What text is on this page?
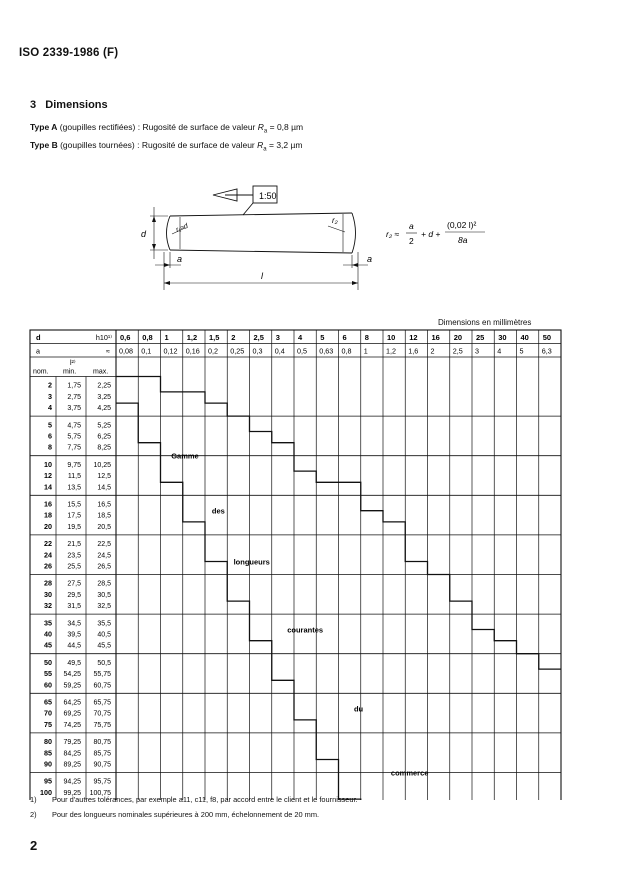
ISO 2339-1986 (F)
3 Dimensions
Type A (goupilles rectifiées) : Rugosité de surface de valeur $R_a = 0,8$ µm
Type B (goupilles tournées) : Rugosité de surface de valeur $R_a = 3,2$ µm
1:50
d
r₁≈d
r₂
a	a
l
r₂ ≈
a
2
+ d +
(0,02 l)²
8a
Dimensions en millimètres
d	h10¹⁾ 0,6 0,8 1 1,2 1,5 2 2,5 3 4 5 6 8 10 12 16 20 25 30 40 50
a	≈ 0,08 0,1 0,12 0,16 0,2 0,25 0,3 0,4 0,5 0,63 0,8 1	1,2 1,6 2	2,5 3	4	5	6,3
l²⁾
nom. min. max.
2 1,75 2,25
3 2,75 3,25
4 3,75 4,25
5 4,75 5,25
6 5,75 6,25
8 7,75 8,25
10 9,75 10,25
12 11,5 12,5
14 13,5 14,5
16 15,5 16,5
18 17,5 18,5
20 19,5 20,5
22 21,5 22,5
24 23,5 24,5
26 25,5 26,5
28 27,5 28,5
30 29,5 30,5
32 31,5 32,5
35 34,5 35,5
40 39,5 40,5
45 44,5 45,5
50 49,5 50,5
55 54,25 55,75
60 59,25 60,75
65 64,25 65,75
70 69,25 70,75
75 74,25 75,75
80 79,25 80,75
85 84,25 85,75
90 89,25 90,75
95 94,25 95,75
100 99,25 100,75
Gamme
des
longueurs
courantes
du
commerce
1) Pour d'autres tolérances, par exemple a11, c11, f8, par accord entre le client et le fournisseur.
2) Pour des longueurs nominales supérieures à 200 mm, échelonnement de 20 mm.
2
